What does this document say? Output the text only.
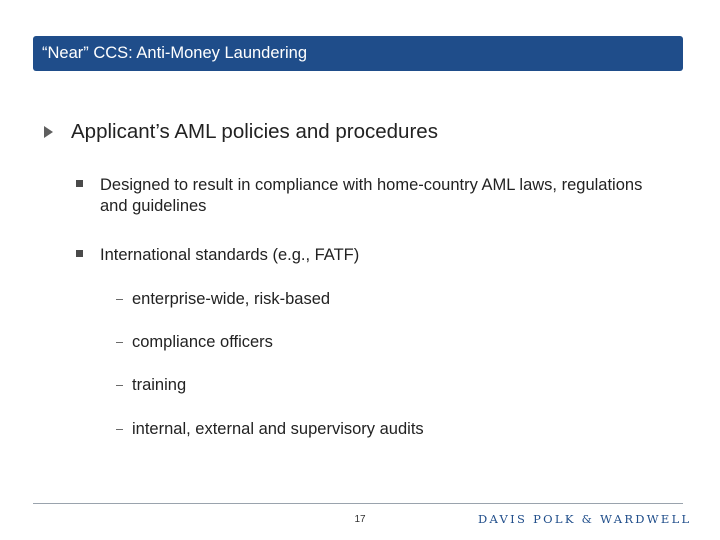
“Near” CCS: Anti-Money Laundering
Applicant’s AML policies and procedures
Designed to result in compliance with home-country AML laws, regulations and guidelines
International standards (e.g., FATF)
enterprise-wide, risk-based
compliance officers
training
internal, external and supervisory audits
17	DAVIS POLK & WARDWELL
